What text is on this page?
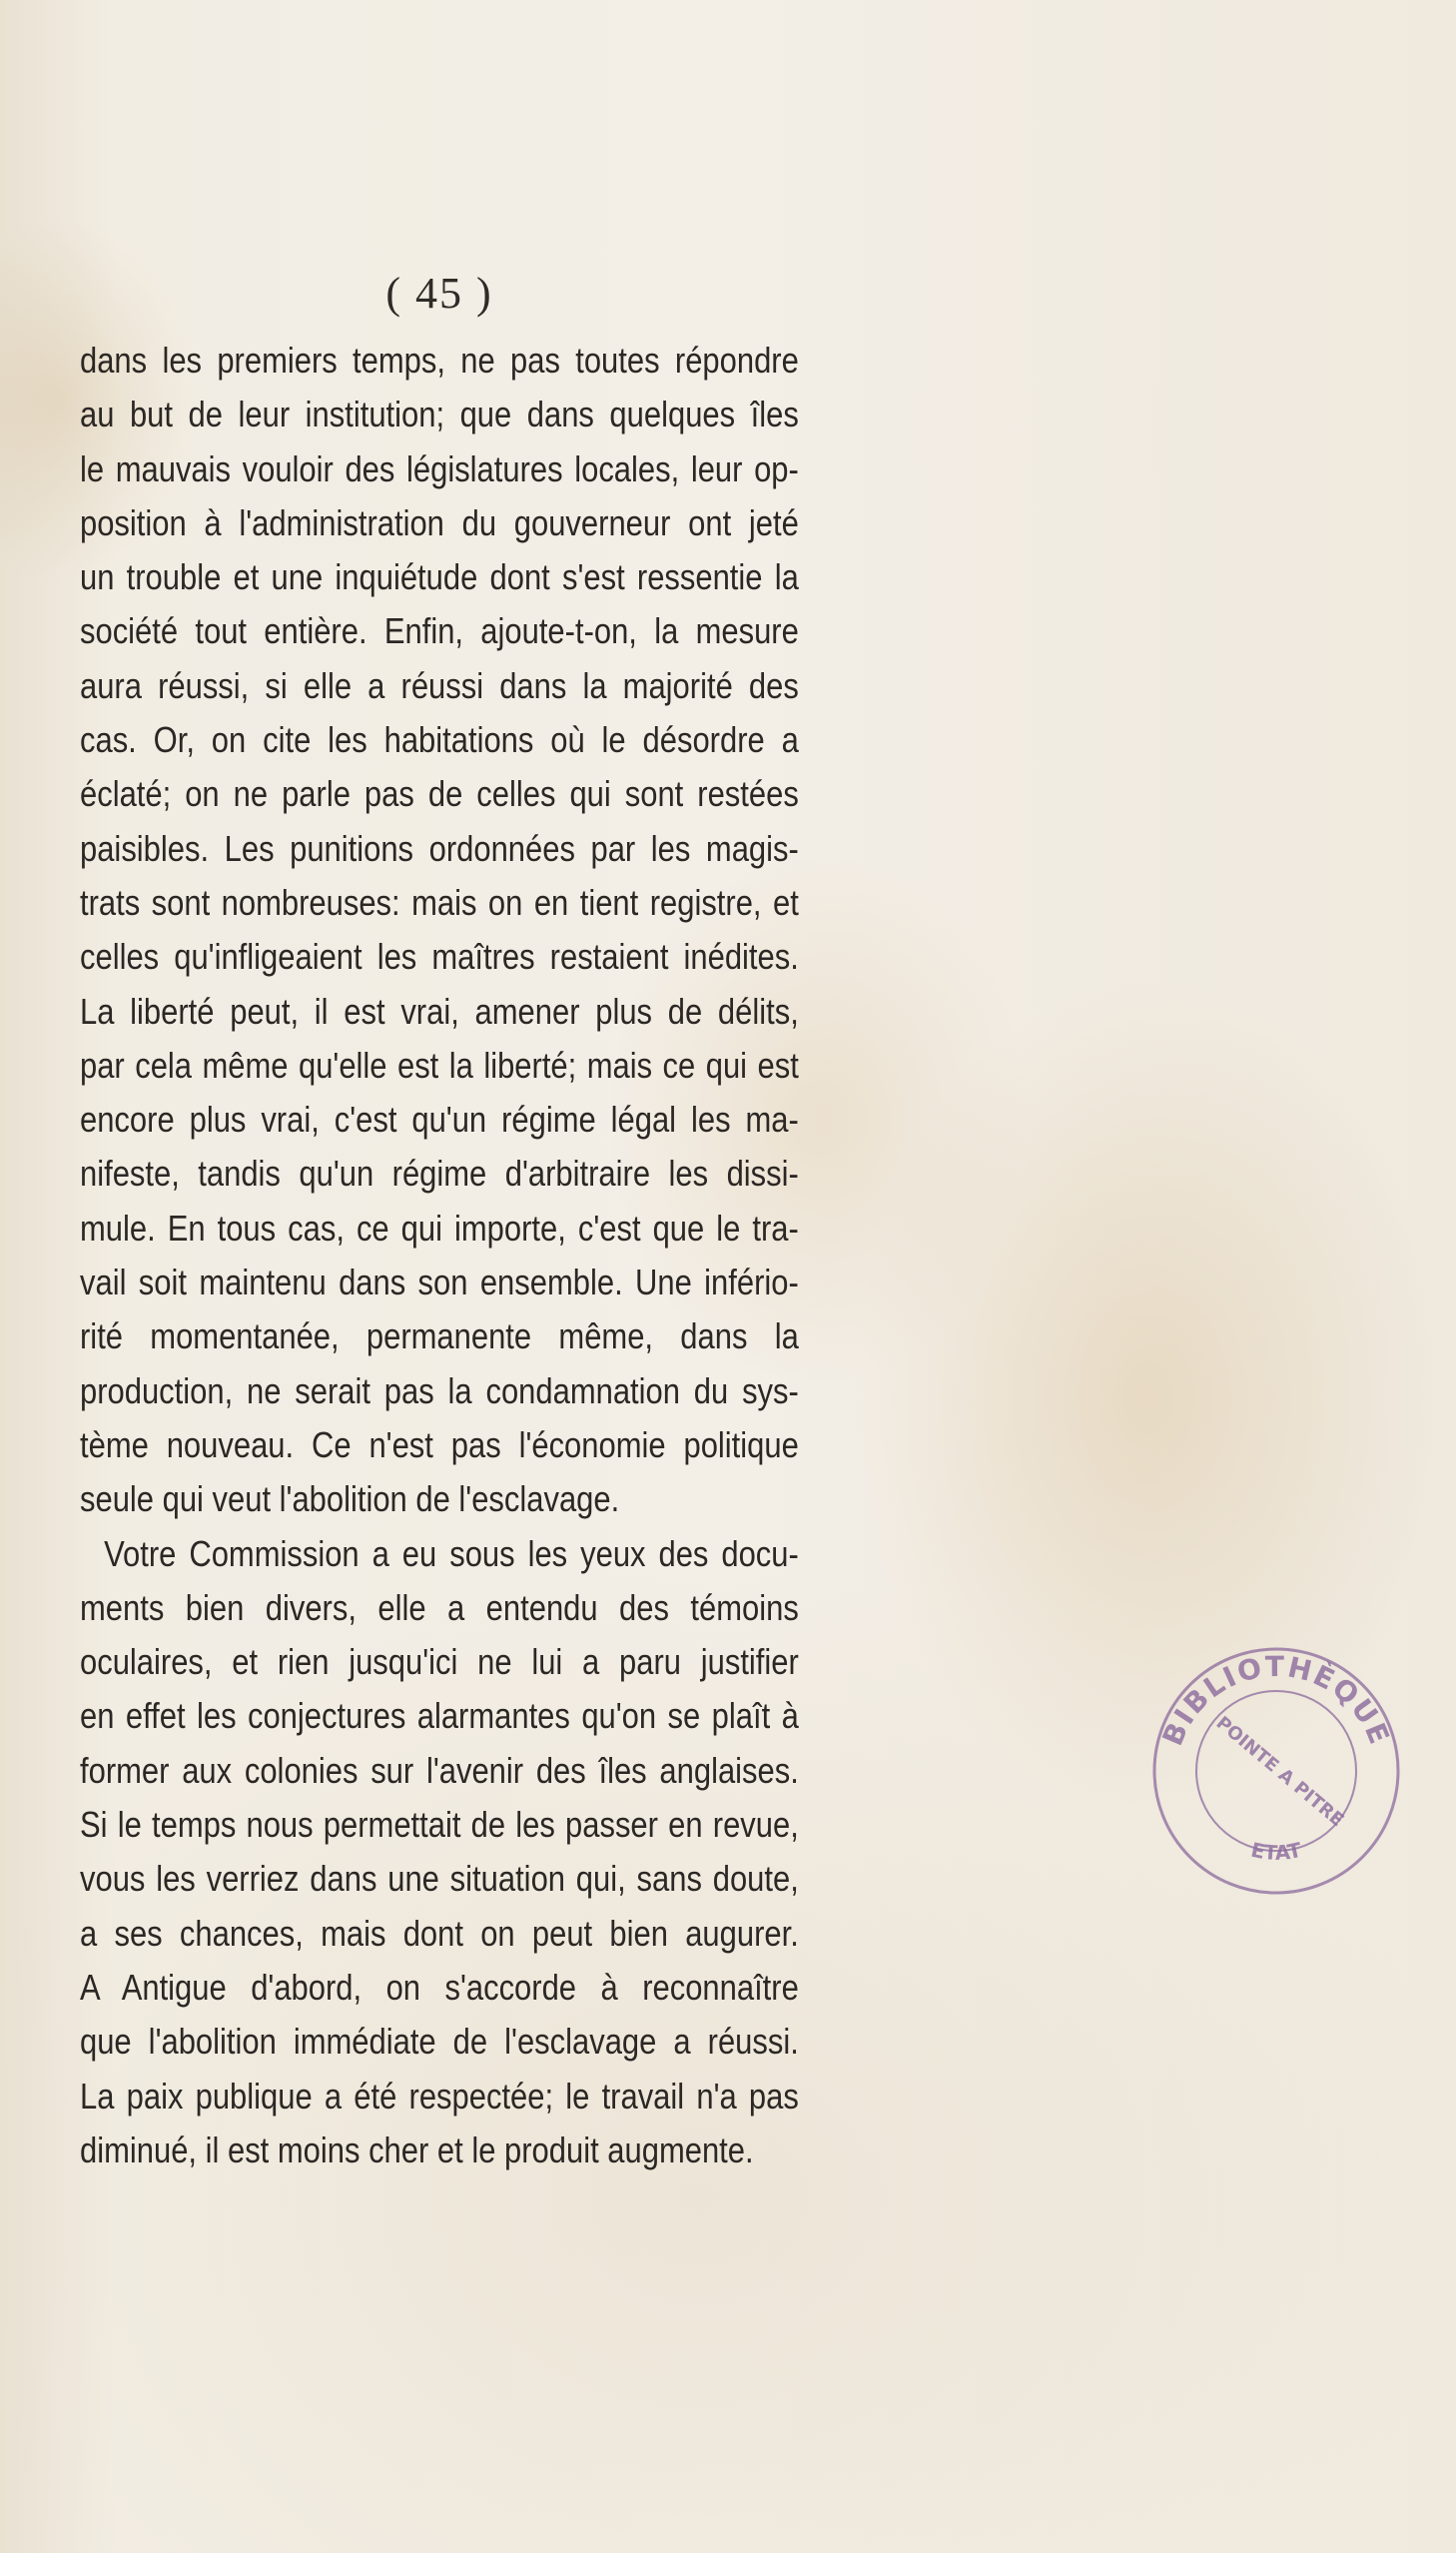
( 45 )
dans les premiers temps, ne pas toutes répondre
au but de leur institution; que dans quelques îles
le mauvais vouloir des législatures locales, leur op-
position à l'administration du gouverneur ont jeté
un trouble et une inquiétude dont s'est ressentie la
société tout entière. Enfin, ajoute-t-on, la mesure
aura réussi, si elle a réussi dans la majorité des
cas. Or, on cite les habitations où le désordre a
éclaté; on ne parle pas de celles qui sont restées
paisibles. Les punitions ordonnées par les magis-
trats sont nombreuses: mais on en tient registre, et
celles qu'infligeaient les maîtres restaient inédites.
La liberté peut, il est vrai, amener plus de délits,
par cela même qu'elle est la liberté; mais ce qui est
encore plus vrai, c'est qu'un régime légal les ma-
nifeste, tandis qu'un régime d'arbitraire les dissi-
mule. En tous cas, ce qui importe, c'est que le tra-
vail soit maintenu dans son ensemble. Une infério-
rité momentanée, permanente même, dans la
production, ne serait pas la condamnation du sys-
tème nouveau. Ce n'est pas l'économie politique
seule qui veut l'abolition de l'esclavage.
Votre Commission a eu sous les yeux des docu-
ments bien divers, elle a entendu des témoins
oculaires, et rien jusqu'ici ne lui a paru justifier
en effet les conjectures alarmantes qu'on se plaît à
former aux colonies sur l'avenir des îles anglaises.
Si le temps nous permettait de les passer en revue,
vous les verriez dans une situation qui, sans doute,
a ses chances, mais dont on peut bien augurer.
A Antigue d'abord, on s'accorde à reconnaître
que l'abolition immédiate de l'esclavage a réussi.
La paix publique a été respectée; le travail n'a pas
diminué, il est moins cher et le produit augmente.
BIBLIOTHÈQUE
POINTE A PITRE
ETAT
